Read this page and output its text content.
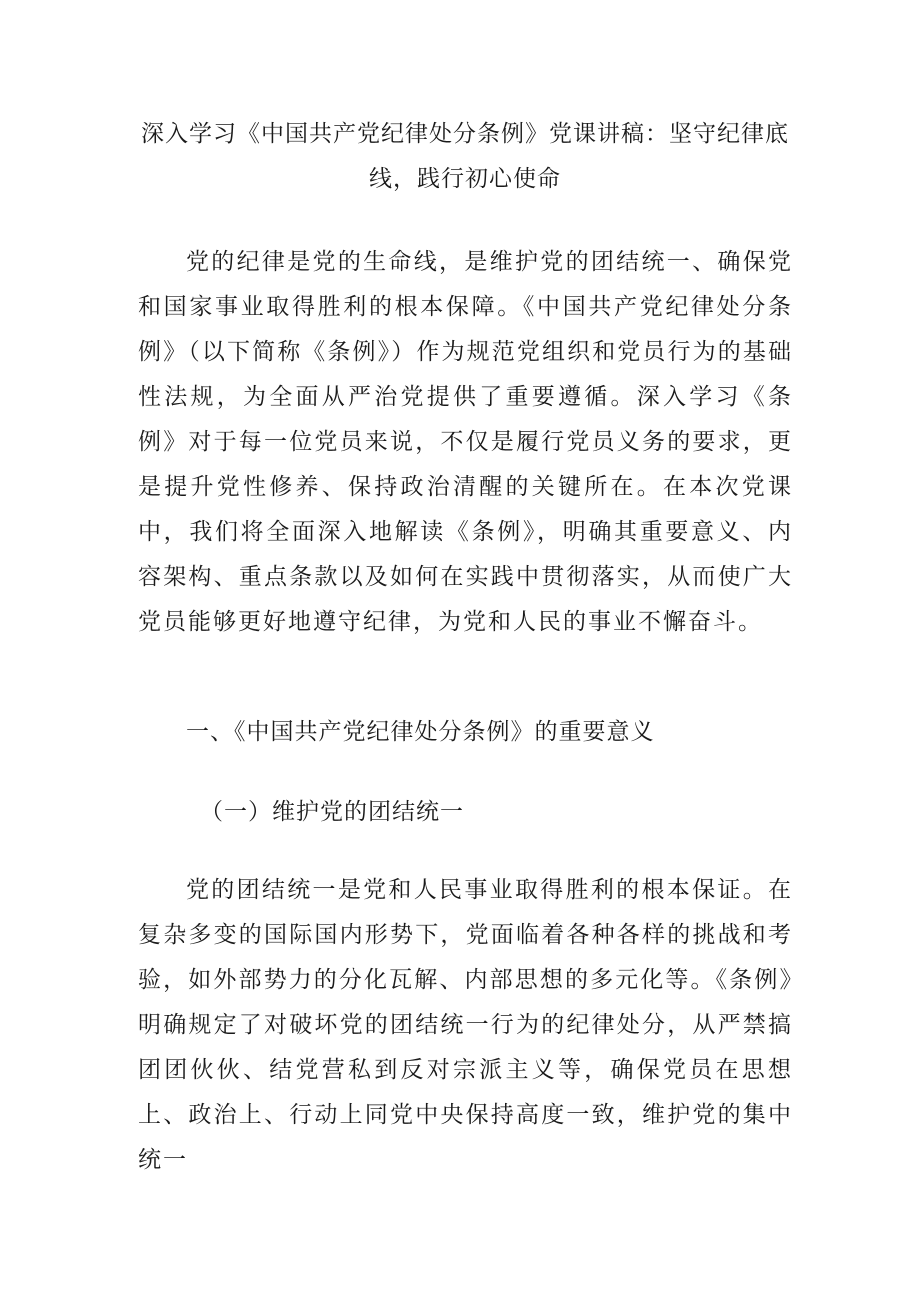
深入学习《中国共产党纪律处分条例》党课讲稿：坚守纪律底线，践行初心使命

党的纪律是党的生命线，是维护党的团结统一、确保党和国家事业取得胜利的根本保障。《中国共产党纪律处分条例》（以下简称《条例》）作为规范党组织和党员行为的基础性法规，为全面从严治党提供了重要遵循。深入学习《条例》对于每一位党员来说，不仅是履行党员义务的要求，更是提升党性修养、保持政治清醒的关键所在。在本次党课中，我们将全面深入地解读《条例》，明确其重要意义、内容架构、重点条款以及如何在实践中贯彻落实，从而使广大党员能够更好地遵守纪律，为党和人民的事业不懈奋斗。

一、《中国共产党纪律处分条例》的重要意义

（一）维护党的团结统一

党的团结统一是党和人民事业取得胜利的根本保证。在复杂多变的国际国内形势下，党面临着各种各样的挑战和考验，如外部势力的分化瓦解、内部思想的多元化等。《条例》明确规定了对破坏党的团结统一行为的纪律处分，从严禁搞团团伙伙、结党营私到反对宗派主义等，确保党员在思想上、政治上、行动上同党中央保持高度一致，维护党的集中统一
